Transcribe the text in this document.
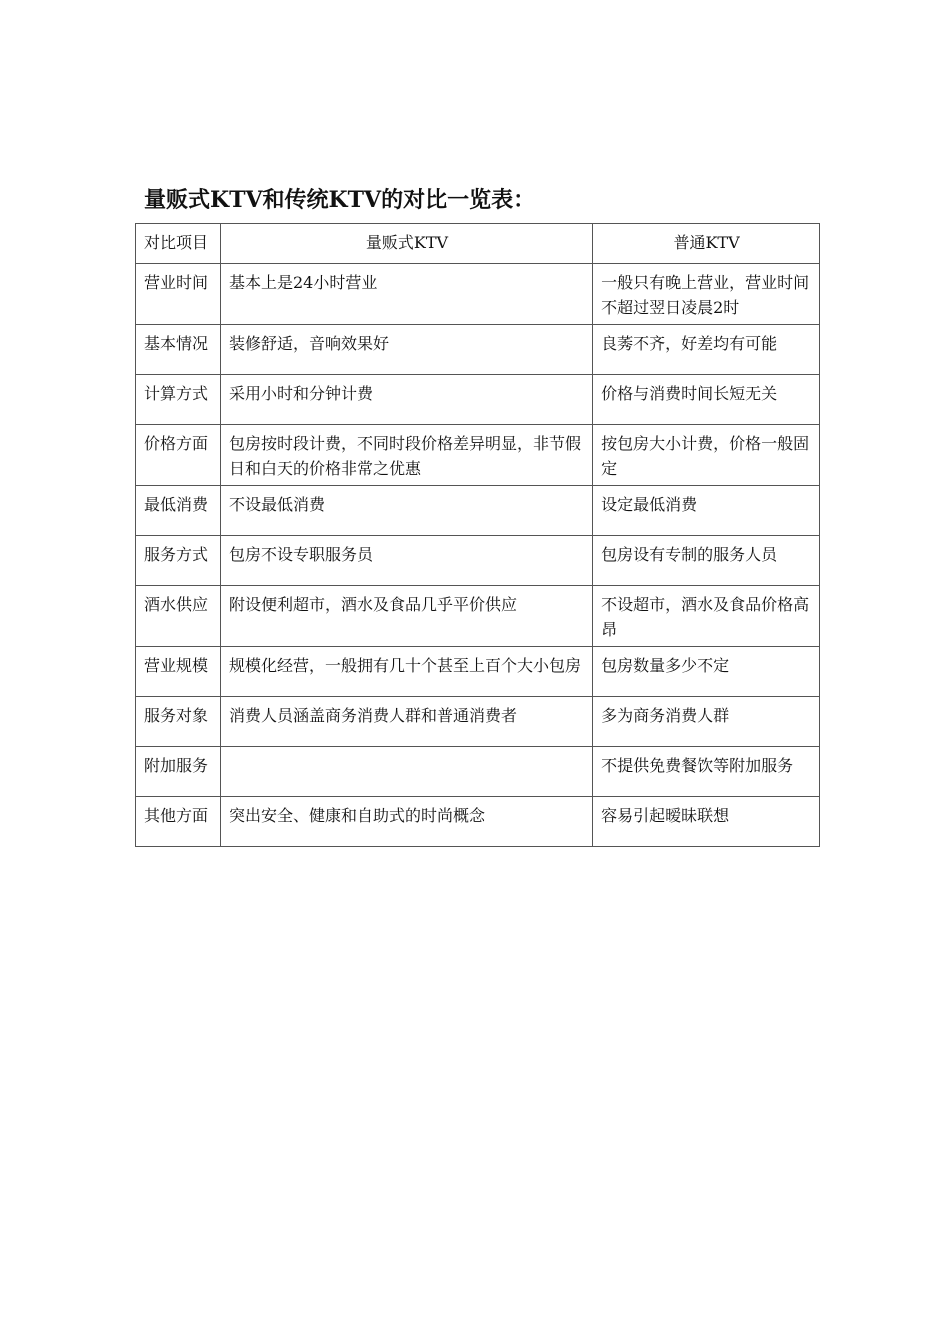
量贩式KTV和传统KTV的对比一览表：
对比项目	量贩式KTV	普通KTV
营业时间	基本上是24小时营业	一般只有晚上营业，营业时间不超过翌日凌晨2时
基本情况	装修舒适，音响效果好	良莠不齐，好差均有可能
计算方式	采用小时和分钟计费	价格与消费时间长短无关
价格方面	包房按时段计费，不同时段价格差异明显，非节假日和白天的价格非常之优惠	按包房大小计费，价格一般固定
最低消费	不设最低消费	设定最低消费
服务方式	包房不设专职服务员	包房设有专制的服务人员
酒水供应	附设便利超市，酒水及食品几乎平价供应	不设超市，酒水及食品价格高昂
营业规模	规模化经营，一般拥有几十个甚至上百个大小包房	包房数量多少不定
服务对象	消费人员涵盖商务消费人群和普通消费者	多为商务消费人群
附加服务		不提供免费餐饮等附加服务
其他方面	突出安全、健康和自助式的时尚概念	容易引起暧昧联想
